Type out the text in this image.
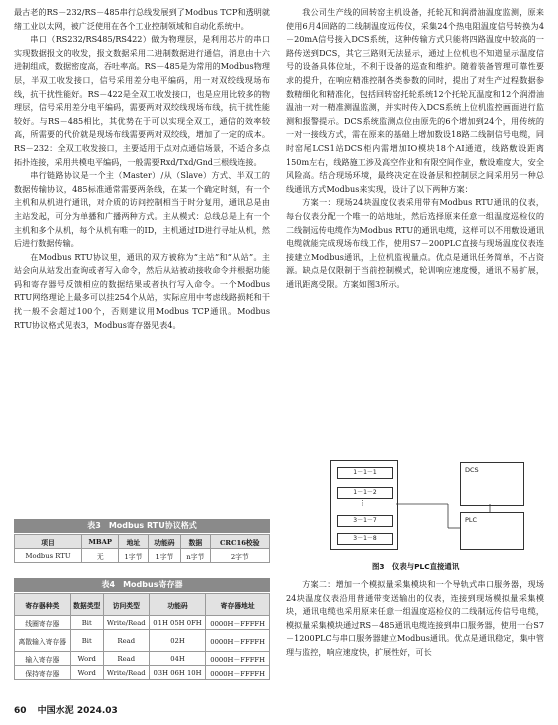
最古老的RS－232/RS－485串行总线发展到了Modbus TCP和透明就绪工业以太网，被广泛使用在各个工业控制领域和自动化系统中。

串口（RS232/RS485/RS422）做为物理层，是利用芯片的串口实现数据报文的收发，报文数据采用二进制数据进行通信，消息由十六进制组成，数据密度高，吞吐率高。RS－485是为常用的Modbus物理层，半双工收发接口，信号采用差分电平编码，用一对双绞线现场布线，抗干扰性能好。RS－422是全双工收发接口，也是应用比较多的物理层，信号采用差分电平编码，需要两对双绞线现场布线，抗干扰性能较好。与RS－485相比，其优势在于可以实现全双工，通信的效率较高，所需要的代价就是现场布线需要两对双绞线，增加了一定的成本。RS－232：全双工收发接口，主要适用于点对点通信场景，不适合多点拓扑连接，采用共模电平编码，一般需要Rxd/Txd/Gnd三根线连接。

串行链路协议是一个主（Master）/从（Slave）方式、半双工的数据传输协议，485标准通常需要两条线，在某一个确定时刻，有一个主机和从机进行通讯，对介质的访问控制相当于时分复用，通讯总是由主站发起，可分为单播和广播两种方式。主从模式：总线总是上有一个主机和多个从机，每个从机有唯一的ID，主机通过ID进行寻址从机，然后进行数据传输。

在Modbus RTU协议里，通讯的双方被称为“主站”和“从站”。主站会向从站发出查询或者写入命令，然后从站被动接收命令并根据功能码和寄存器号反馈相应的数据结果或者执行写入命令。一个Modbus RTU网络理论上最多可以挂254个从站，实际应用中考虑线路损耗和干扰一般不会超过100个，否则建议用Modbus TCP通讯。Modbus RTU协议格式见表3，Modbus寄存器见表4。

表3　Modbus RTU协议格式
项目	MBAP	地址	功能码	数据	CRC16校验
Modbus RTU	无	1字节	1字节	n字节	2字节
表4　Modbus寄存器
寄存器种类	数据类型	访问类型	功能码	寄存器地址
线圈寄存器	Bit	Write/Read	01H 05H 0FH	0000H－FFFFH
离散输入寄存器	Bit	Read	02H	0000H－FFFFH
输入寄存器	Word	Read	04H	0000H－FFFFH
保持寄存器	Word	Write/Read	03H 06H 10H	0000H－FFFFH

我公司生产线的回转窑主机设备，托轮瓦和润滑油温度监测，原来使用6月4回路的二线制温度远传仪，采集24个热电阻温度信号转换为4－20mA信号接入DCS系统，这种传输方式只能将四路温度中较高的一路传送到DCS，其它三路则无法显示，通过上位机也不知道显示温度信号的设备具体位址，不利于设备的巡查和维护。随着装备管理可靠性要求的提升，在响应精准控制各类参数的同时，提出了对生产过程数据参数精细化和精准化，包括回转窑托轮系统12个托轮瓦温度和12个润滑油温油一对一精准测温监测，并实时传入DCS系统上位机监控画面进行监测和报警提示。DCS系统监测点位由原先的6个增加到24个，用传统的一对一接线方式，需在原来的基础上增加数设18路二线制信号电缆，同时窑尾LCS1站DCS柜内需增加IO模块18个AI通道，线路敷设距离150m左右，线路施工涉及高空作业和有限空间作业，敷设难度大，安全风险高。结合现场环境，最终决定在设备层和控制层之间采用另一种总线通讯方式Modbus来实现，设计了以下两种方案：

方案一：现场24块温度仪表采用带有Modbus RTU通讯的仪表，每台仪表分配一个唯一的站地址，然后选择原来任意一组温度巡检仪的二线制远传电缆作为Modbus RTU的通讯电缆，这样可以不用敷设通讯电缆就能完成现场布线工作，使用S7－200PLC直接与现场温度仪表连接建立Modbus通讯，上位机监视量点。优点是通讯任务简单，不占资源。缺点是仅限制于当前控制模式，轮训响应速度慢，通讯不易扩展，通讯距离受限。方案如图3所示。

1－1－1
1－1－2
⋮
3－1－7
3－1－8
DCS
PLC
图3　仪表与PLC直接通讯

方案二：增加一个模拟量采集模块和一个导轨式串口服务器，现场24块温度仪表沿用普通带变送输出的仪表，连接到现场模拟量采集模块，通讯电缆也采用原来任意一组温度巡检仪的二线制远传信号电缆，模拟量采集模块通过RS－485通讯电缆连接到串口服务器，使用一台S7－1200PLC与串口服务器建立Modbus通讯。优点是通讯稳定，集中管理与监控，响应速度快，扩展性好，可长

60 中国水泥 2024.03
